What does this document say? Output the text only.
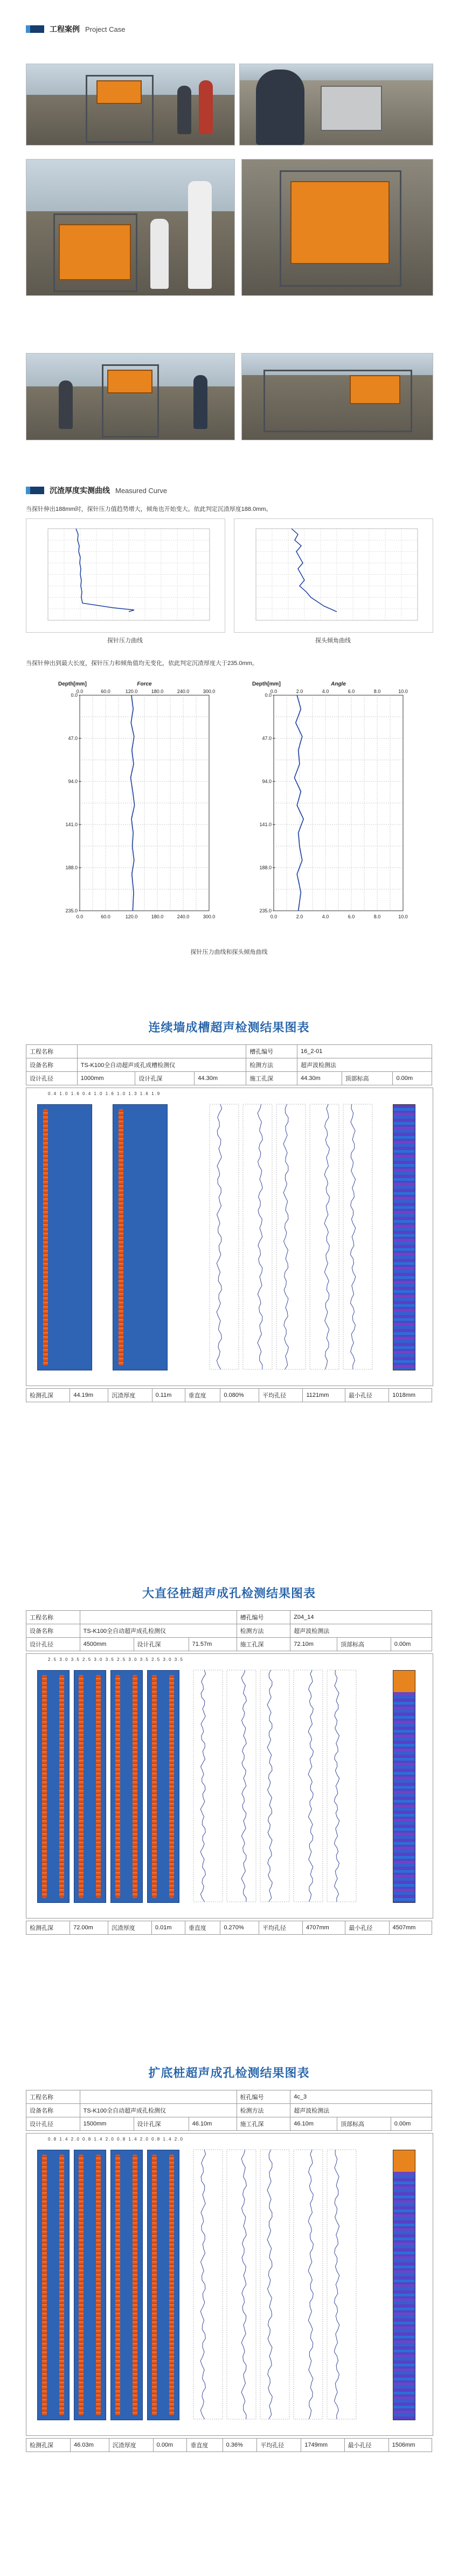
工程案例 Project Case
沉渣厚度实测曲线 Measured Curve
当探针伸出188mm时，探针压力值趋势增大，倾角也开始变大。依此判定沉渣厚度188.0mm。
探针压力曲线	探头倾角曲线
当探针伸出到最大长度，探针压力和倾角值均无变化，依此判定沉渣厚度大于235.0mm。
Depth[mm]	Force
0.0
0.0
60.0
60.0
120.0
120.0
180.0
180.0
240.0
240.0
300.0
300.0
0.0
47.0
94.0
141.0
188.0
235.0
Depth[mm]	Angle
0.0
0.0
2.0
2.0
4.0
4.0
6.0
6.0
8.0
8.0
10.0
10.0
0.0
47.0
94.0
141.0
188.0
235.0
探针压力曲线和探头倾角曲线
连续墙成槽超声检测结果图表
工程名称				槽孔编号	16_2-01		
设备名称	TS-K100全自动超声成孔成槽检测仪			检测方法	超声波检测法		
设计孔径	1000mm	设计孔深	44.30m	施工孔深	44.30m	顶部标高	0.00m
0.4 1.0 1.6 0.4 1.0 1.6 1.0 1.3 1.6 1.9
检测孔深	44.19m	沉渣厚度	0.11m	垂直度	0.080%	平均孔径	1121mm	最小孔径	1018mm
大直径桩超声成孔检测结果图表
工程名称				槽孔编号	Z04_14		
设备名称	TS-K100全自动超声成孔检测仪			检测方法	超声波检测法		
设计孔径	4500mm	设计孔深	71.57m	施工孔深	72.10m	顶部标高	0.00m
2.5 3.0 3.5 2.5 3.0 3.5 2.5 3.0 3.5 2.5 3.0 3.5
检测孔深	72.00m	沉渣厚度	0.01m	垂直度	0.270%	平均孔径	4707mm	最小孔径	4507mm
扩底桩超声成孔检测结果图表
工程名称				桩孔编号	4c_3		
设备名称	TS-K100全自动超声成孔检测仪			检测方法	超声波检测法		
设计孔径	1500mm	设计孔深	46.10m	施工孔深	46.10m	顶部标高	0.00m
0.8 1.4 2.0 0.8 1.4 2.0 0.8 1.4 2.0 0.8 1.4 2.0
检测孔深	46.03m	沉渣厚度	0.00m	垂直度	0.36%	平均孔径	1749mm	最小孔径	1506mm
